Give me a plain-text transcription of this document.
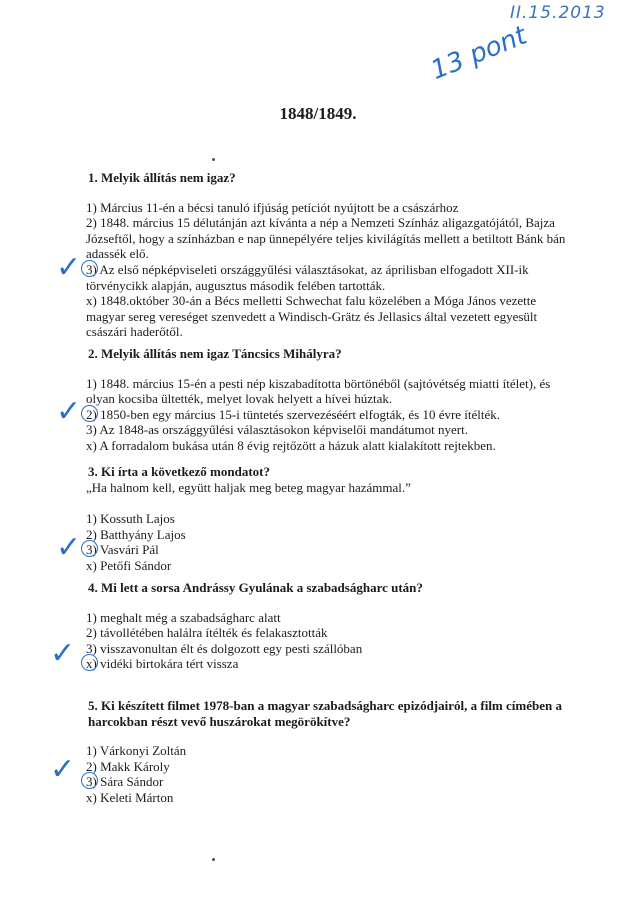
II.15.2013
13 pont
1848/1849.
1. Melyik állítás nem igaz?
1) Március 11-én a bécsi tanuló ifjúság petíciót nyújtott be a császárhoz
2) 1848. március 15 délutánján azt kívánta a nép a Nemzeti Színház aligazgatójától, Bajza Józseftől, hogy a színházban e nap ünnepélyére teljes kivilágítás mellett a betiltott Bánk bán adassék elő.
3) Az első népképviseleti országgyűlési választásokat, az áprilisban elfogadott XII-ik törvénycikk alapján, augusztus második felében tartották.
x) 1848.október 30-án a Bécs melletti Schwechat falu közelében a Móga János vezette magyar sereg vereséget szenvedett a Windisch-Grätz és Jellasics által vezetett egyesült császári haderőtől.
✓
2. Melyik állítás nem igaz Táncsics Mihályra?
1) 1848. március 15-én a pesti nép kiszabadította börtönéből (sajtóvétség miatti ítélet), és olyan kocsiba ültették, melyet lovak helyett a hívei húztak.
2) 1850-ben egy március 15-i tüntetés szervezéséért elfogták, és 10 évre ítélték.
3) Az 1848-as országgyűlési választásokon képviselői mandátumot nyert.
x) A forradalom bukása után 8 évig rejtőzött a házuk alatt kialakított rejtekben.
✓
3. Ki írta a következő mondatot?

„Ha halnom kell, együtt haljak meg beteg magyar hazámmal.”

1) Kossuth Lajos
2) Batthyány Lajos
3) Vasvári Pál
x) Petőfi Sándor
✓
4. Mi lett a sorsa Andrássy Gyulának a szabadságharc után?
1) meghalt még a szabadságharc alatt
2) távollétében halálra ítélték és felakasztották
3) visszavonultan élt és dolgozott egy pesti szállóban
x) vidéki birtokára tért vissza
✓
5. Ki készített filmet 1978-ban a magyar szabadságharc epizódjairól, a film címében a harcokban részt vevő huszárokat megörökítve?
1) Várkonyi Zoltán
2) Makk Károly
3) Sára Sándor
x) Keleti Márton
✓
